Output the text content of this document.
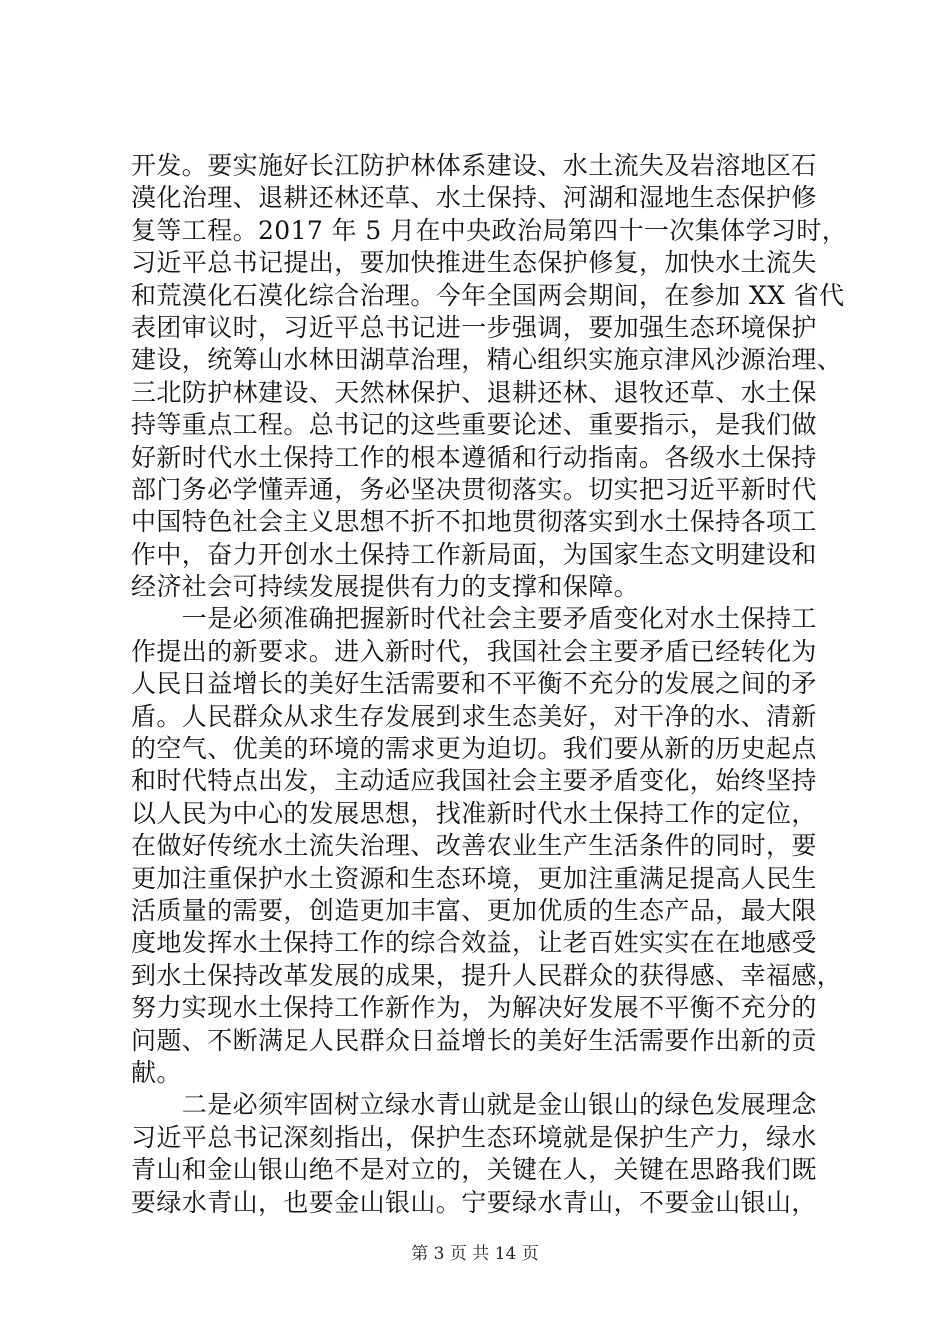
开发。要实施好长江防护林体系建设、水土流失及岩溶地区石
漠化治理、退耕还林还草、水土保持、河湖和湿地生态保护修
复等工程。2017 年 5 月在中央政治局第四十一次集体学习时，
习近平总书记提出，要加快推进生态保护修复，加快水土流失
和荒漠化石漠化综合治理。今年全国两会期间，在参加 XX 省代
表团审议时，习近平总书记进一步强调，要加强生态环境保护
建设，统筹山水林田湖草治理，精心组织实施京津风沙源治理、
三北防护林建设、天然林保护、退耕还林、退牧还草、水土保
持等重点工程。总书记的这些重要论述、重要指示，是我们做
好新时代水土保持工作的根本遵循和行动指南。各级水土保持
部门务必学懂弄通，务必坚决贯彻落实。切实把习近平新时代
中国特色社会主义思想不折不扣地贯彻落实到水土保持各项工
作中，奋力开创水土保持工作新局面，为国家生态文明建设和
经济社会可持续发展提供有力的支撑和保障。
　　一是必须准确把握新时代社会主要矛盾变化对水土保持工
作提出的新要求。进入新时代，我国社会主要矛盾已经转化为
人民日益增长的美好生活需要和不平衡不充分的发展之间的矛
盾。人民群众从求生存发展到求生态美好，对干净的水、清新
的空气、优美的环境的需求更为迫切。我们要从新的历史起点
和时代特点出发，主动适应我国社会主要矛盾变化，始终坚持
以人民为中心的发展思想，找准新时代水土保持工作的定位，
在做好传统水土流失治理、改善农业生产生活条件的同时，要
更加注重保护水土资源和生态环境，更加注重满足提高人民生
活质量的需要，创造更加丰富、更加优质的生态产品，最大限
度地发挥水土保持工作的综合效益，让老百姓实实在在地感受
到水土保持改革发展的成果，提升人民群众的获得感、幸福感，
努力实现水土保持工作新作为，为解决好发展不平衡不充分的
问题、不断满足人民群众日益增长的美好生活需要作出新的贡
献。
　　二是必须牢固树立绿水青山就是金山银山的绿色发展理念
习近平总书记深刻指出，保护生态环境就是保护生产力，绿水
青山和金山银山绝不是对立的，关键在人，关键在思路我们既
要绿水青山，也要金山银山。宁要绿水青山，不要金山银山，
第 3 页 共 14 页
